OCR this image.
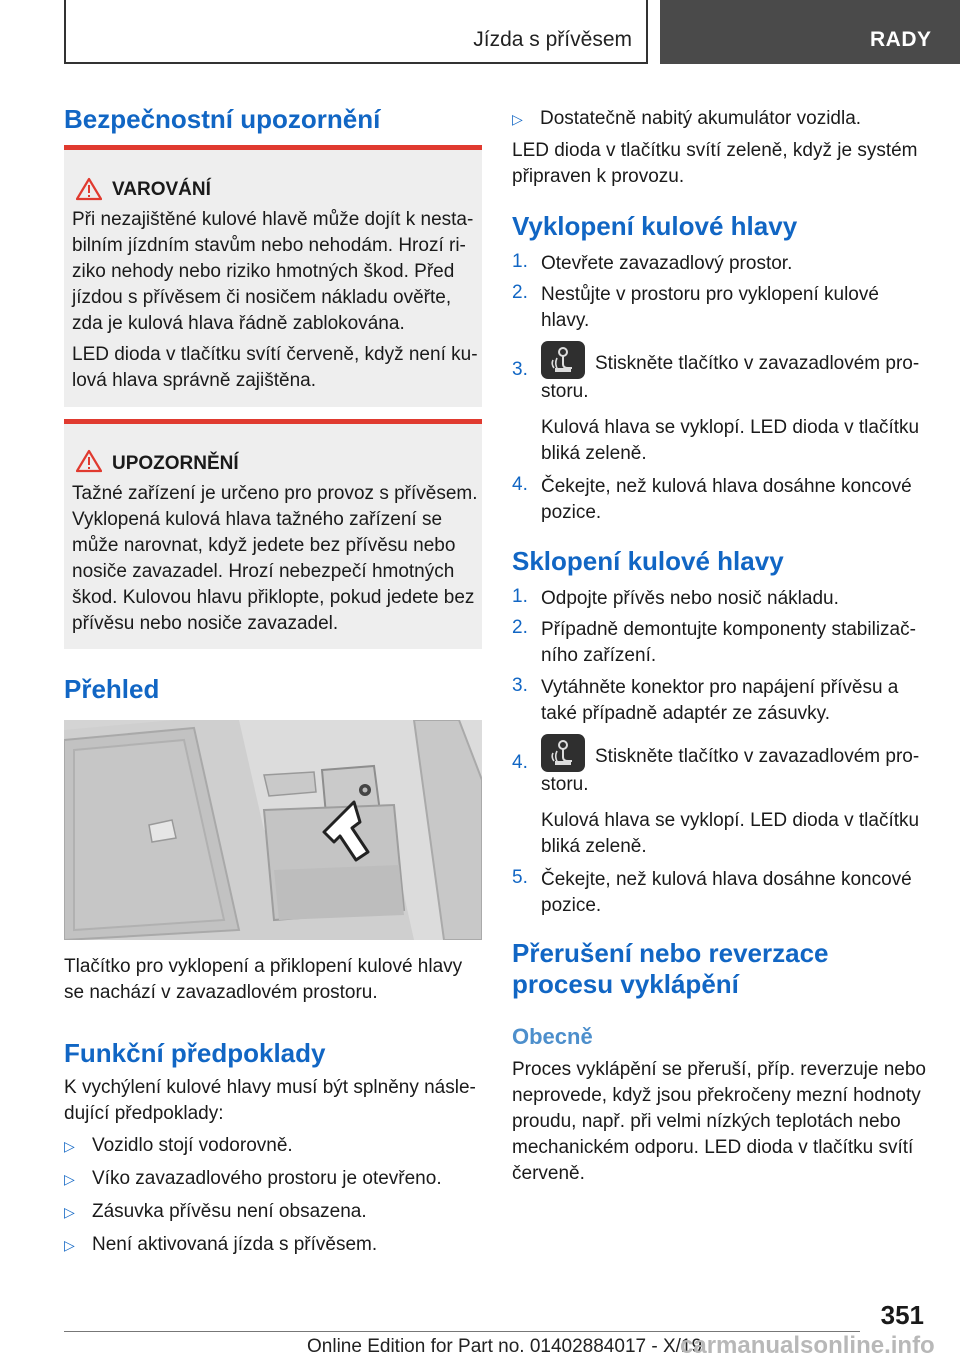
Jízda s přívěsem	RADY
Bezpečnostní upozornění
VAROVÁNÍ

Při nezajištěné kulové hlavě může dojít k nesta-
bilním jízdním stavům nebo nehodám. Hrozí ri-
ziko nehody nebo riziko hmotných škod. Před
jízdou s přívěsem či nosičem nákladu ověřte,
zda je kulová hlava řádně zablokována.

LED dioda v tlačítku svítí červeně, když není ku-
lová hlava správně zajištěna.

UPOZORNĚNÍ

Tažné zařízení je určeno pro provoz s přívěsem.
Vyklopená kulová hlava tažného zařízení se
může narovnat, když jedete bez přívěsu nebo
nosiče zavazadel. Hrozí nebezpečí hmotných
škod. Kulovou hlavu přiklopte, pokud jedete bez
přívěsu nebo nosiče zavazadel.

Přehled

Tlačítko pro vyklopení a přiklopení kulové hlavy
se nachází v zavazadlovém prostoru.

Funkční předpoklady

K vychýlení kulové hlavy musí být splněny násle-
dující předpoklady:

▷ Vozidlo stojí vodorovně.
▷ Víko zavazadlového prostoru je otevřeno.
▷ Zásuvka přívěsu není obsazena.
▷ Není aktivovaná jízda s přívěsem.
▷ Dostatečně nabitý akumulátor vozidla.

LED dioda v tlačítku svítí zeleně, když je systém
připraven k provozu.

Vyklopení kulové hlavy
1. Otevřete zavazadlový prostor.

2. Nestůjte v prostoru pro vyklopení kulové
hlavy.

3.	Stiskněte tlačítko v zavazadlovém pro-
storu.

Kulová hlava se vyklopí. LED dioda v tlačítku
bliká zeleně.

4. Čekejte, než kulová hlava dosáhne koncové
pozice.

Sklopení kulové hlavy
1. Odpojte přívěs nebo nosič nákladu.

2. Případně demontujte komponenty stabilizač-
ního zařízení.

3. Vytáhněte konektor pro napájení přívěsu a
také případně adaptér ze zásuvky.

4.	Stiskněte tlačítko v zavazadlovém pro-
storu.

Kulová hlava se vyklopí. LED dioda v tlačítku
bliká zeleně.

5. Čekejte, než kulová hlava dosáhne koncové
pozice.

Přerušení nebo reverzace
procesu vyklápění
Obecně

Proces vyklápění se přeruší, příp. reverzuje nebo
neprovede, když jsou překročeny mezní hodnoty
proudu, např. při velmi nízkých teplotách nebo
mechanickém odporu. LED dioda v tlačítku svítí
červeně.

351
Online Edition for Part no. 01402884017 - X/19
carmanualsonline.info
